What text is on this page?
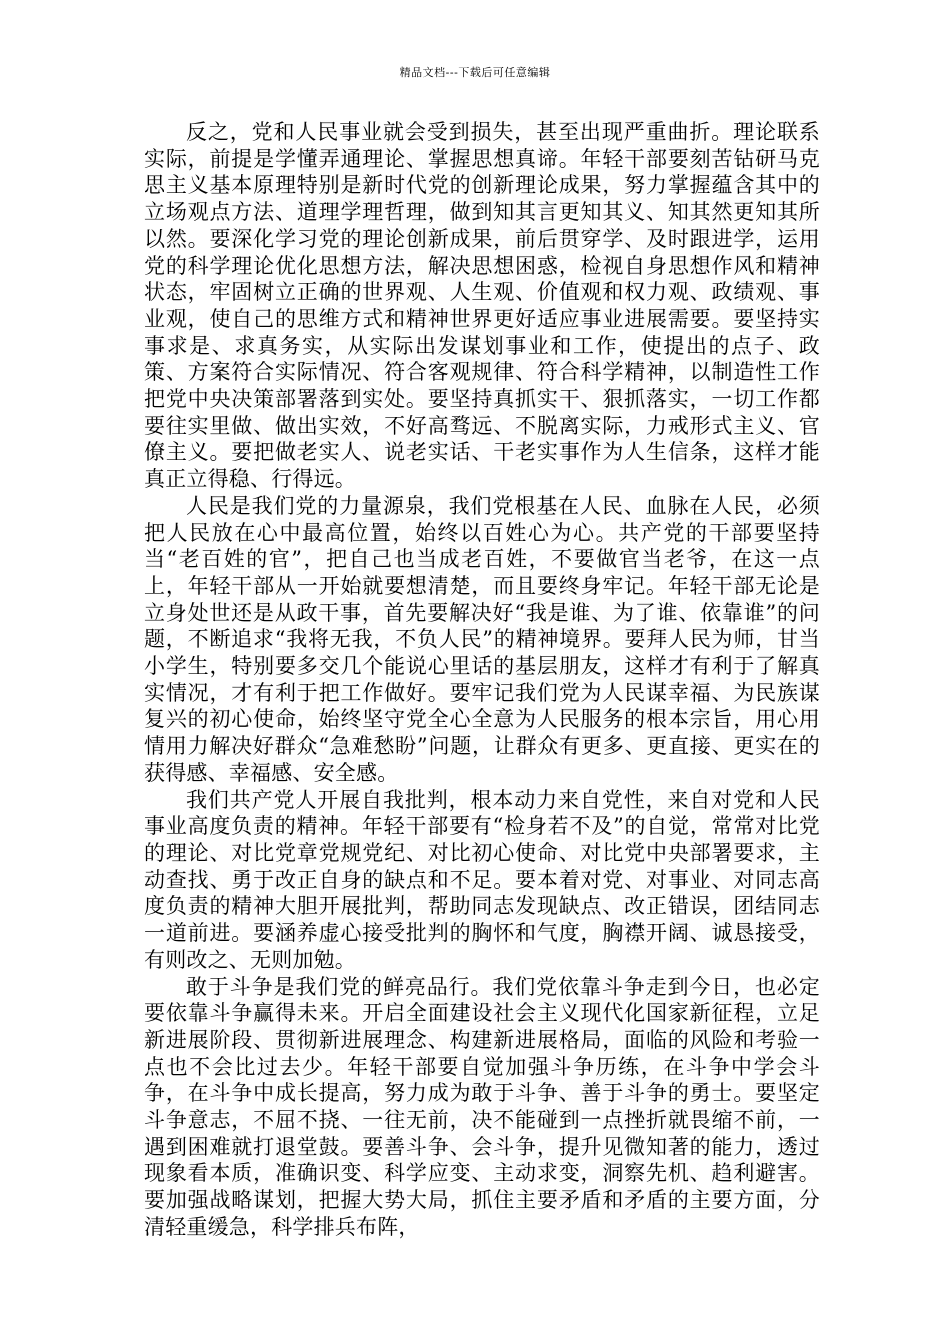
精品文档---下载后可任意编辑

反之，党和人民事业就会受到损失，甚至出现严重曲折。理论联系实际，前提是学懂弄通理论、掌握思想真谛。年轻干部要刻苦钻研马克思主义基本原理特别是新时代党的创新理论成果，努力掌握蕴含其中的立场观点方法、道理学理哲理，做到知其言更知其义、知其然更知其所以然。要深化学习党的理论创新成果，前后贯穿学、及时跟进学，运用党的科学理论优化思想方法，解决思想困惑，检视自身思想作风和精神状态，牢固树立正确的世界观、人生观、价值观和权力观、政绩观、事业观，使自己的思维方式和精神世界更好适应事业进展需要。要坚持实事求是、求真务实，从实际出发谋划事业和工作，使提出的点子、政策、方案符合实际情况、符合客观规律、符合科学精神，以制造性工作把党中央决策部署落到实处。要坚持真抓实干、狠抓落实，一切工作都要往实里做、做出实效，不好高骛远、不脱离实际，力戒形式主义、官僚主义。要把做老实人、说老实话、干老实事作为人生信条，这样才能真正立得稳、行得远。

人民是我们党的力量源泉，我们党根基在人民、血脉在人民，必须把人民放在心中最高位置，始终以百姓心为心。共产党的干部要坚持当“老百姓的官”，把自己也当成老百姓，不要做官当老爷，在这一点上，年轻干部从一开始就要想清楚，而且要终身牢记。年轻干部无论是立身处世还是从政干事，首先要解决好“我是谁、为了谁、依靠谁”的问题，不断追求“我将无我，不负人民”的精神境界。要拜人民为师，甘当小学生，特别要多交几个能说心里话的基层朋友，这样才有利于了解真实情况，才有利于把工作做好。要牢记我们党为人民谋幸福、为民族谋复兴的初心使命，始终坚守党全心全意为人民服务的根本宗旨，用心用情用力解决好群众“急难愁盼”问题，让群众有更多、更直接、更实在的获得感、幸福感、安全感。

我们共产党人开展自我批判，根本动力来自党性，来自对党和人民事业高度负责的精神。年轻干部要有“检身若不及”的自觉，常常对比党的理论、对比党章党规党纪、对比初心使命、对比党中央部署要求，主动查找、勇于改正自身的缺点和不足。要本着对党、对事业、对同志高度负责的精神大胆开展批判，帮助同志发现缺点、改正错误，团结同志一道前进。要涵养虚心接受批判的胸怀和气度，胸襟开阔、诚恳接受，有则改之、无则加勉。

敢于斗争是我们党的鲜亮品行。我们党依靠斗争走到今日，也必定要依靠斗争赢得未来。开启全面建设社会主义现代化国家新征程，立足新进展阶段、贯彻新进展理念、构建新进展格局，面临的风险和考验一点也不会比过去少。年轻干部要自觉加强斗争历练，在斗争中学会斗争，在斗争中成长提高，努力成为敢于斗争、善于斗争的勇士。要坚定斗争意志，不屈不挠、一往无前，决不能碰到一点挫折就畏缩不前，一遇到困难就打退堂鼓。要善斗争、会斗争，提升见微知著的能力，透过现象看本质，准确识变、科学应变、主动求变，洞察先机、趋利避害。要加强战略谋划，把握大势大局，抓住主要矛盾和矛盾的主要方面，分清轻重缓急，科学排兵布阵，
